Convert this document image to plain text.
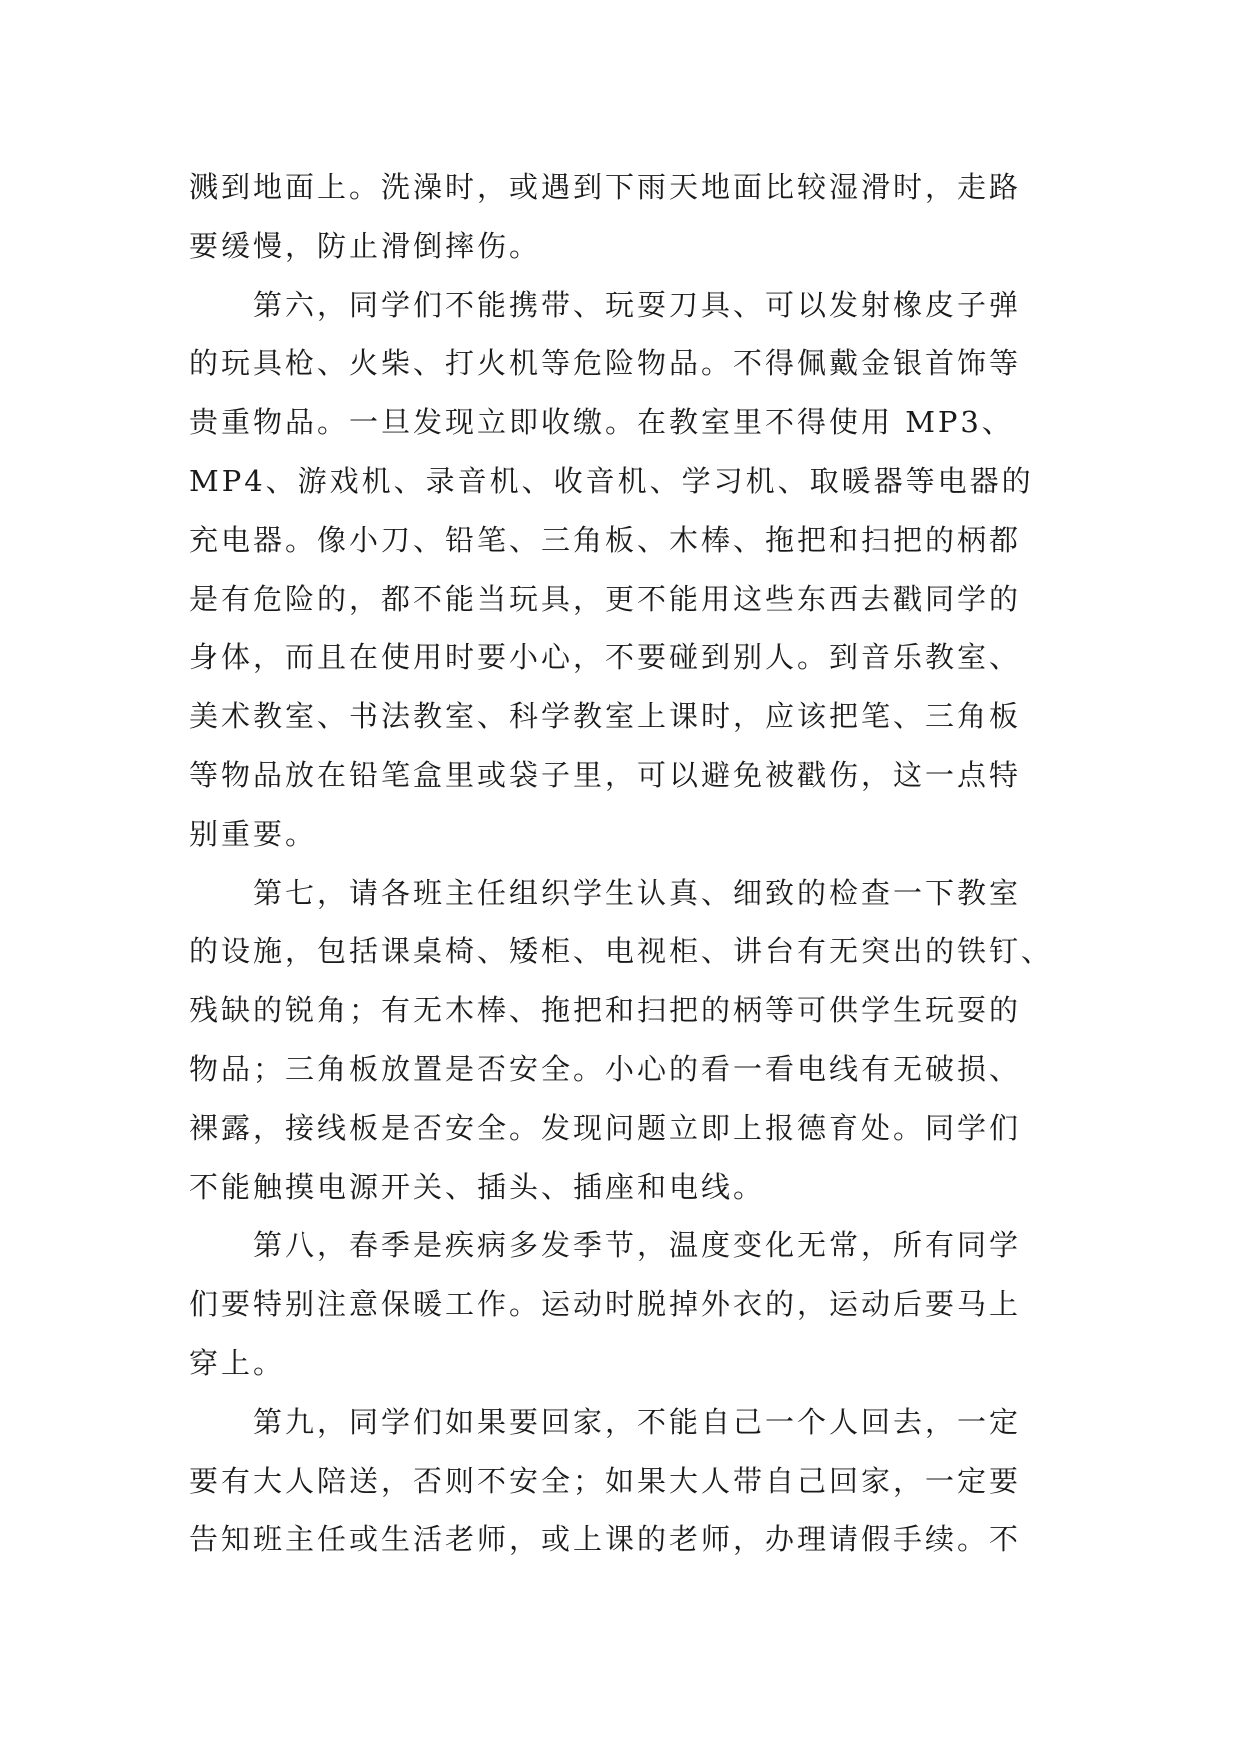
溅到地面上。洗澡时，或遇到下雨天地面比较湿滑时，走路
要缓慢，防止滑倒摔伤。
第六，同学们不能携带、玩耍刀具、可以发射橡皮子弹
的玩具枪、火柴、打火机等危险物品。不得佩戴金银首饰等
贵重物品。一旦发现立即收缴。在教室里不得使用 MP3、
MP4、游戏机、录音机、收音机、学习机、取暖器等电器的
充电器。像小刀、铅笔、三角板、木棒、拖把和扫把的柄都
是有危险的，都不能当玩具，更不能用这些东西去戳同学的
身体，而且在使用时要小心，不要碰到别人。到音乐教室、
美术教室、书法教室、科学教室上课时，应该把笔、三角板
等物品放在铅笔盒里或袋子里，可以避免被戳伤，这一点特
别重要。
第七，请各班主任组织学生认真、细致的检查一下教室
的设施，包括课桌椅、矮柜、电视柜、讲台有无突出的铁钉、
残缺的锐角；有无木棒、拖把和扫把的柄等可供学生玩耍的
物品；三角板放置是否安全。小心的看一看电线有无破损、
裸露，接线板是否安全。发现问题立即上报德育处。同学们
不能触摸电源开关、插头、插座和电线。
第八，春季是疾病多发季节，温度变化无常，所有同学
们要特别注意保暖工作。运动时脱掉外衣的，运动后要马上
穿上。
第九，同学们如果要回家，不能自己一个人回去，一定
要有大人陪送，否则不安全；如果大人带自己回家，一定要
告知班主任或生活老师，或上课的老师，办理请假手续。不
